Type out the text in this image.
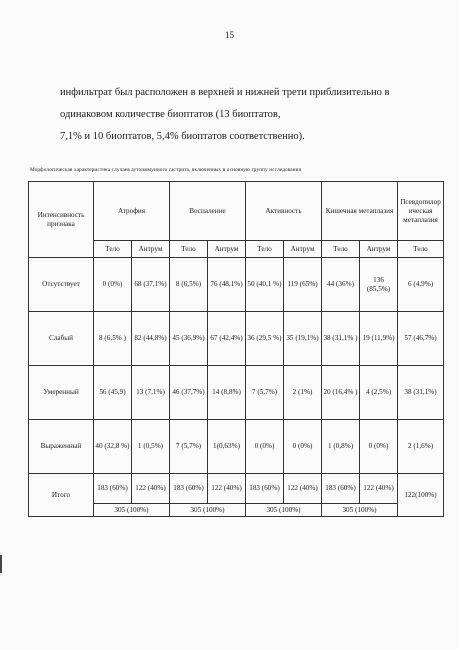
15
инфильтрат был расположен в верхней и нижней трети приблизительно в
одинаковом количестве биоптатов (13 биоптатов,
7,1% и 10 биоптатов, 5,4% биоптатов соответственно).
Морфологическая характеристика случаев аутоиммунного гастрита, включенных в основную группу исследования
Интенсивность признака	Атрофия		Воспаление		Активность		Кишечная метаплазия		Псевдопилорическая метаплазия
	Тело	Антрум	Тело	Антрум	Тело	Антрум	Тело	Антрум	Тело
Отсутствует	0 (0%)	68 (37,1%)	8 (6,5%)	76 (48,1%)	50 (40,1 %)	119 (65%)	44 (36%)	136 (85,5%)	6 (4,9%)
Слабый	8 (6,5% )	82 (44,8%)	45 (36,9%)	67 (42,4%)	36 (29,5 %)	35 (19,1%)	38 (31,1% )	19 (11,9%)	57 (46,7%)
Умеренный	56 (45,9)	13 (7,1%)	46 (37,7%)	14 (8,8%)	7 (5,7%)	2 (1%)	20 (16,4% )	4 (2,5%)	38 (31,1%)
Выраженный	40 (32,8 %)	1 (0,5%)	7 (5,7%)	1(0,63%)	0 (0%)	0 (0%)	1 (0,8%)	0 (0%)	2 (1,6%)
Итого	183 (60%)	122 (40%)	183 (60%)	122 (40%)	183 (60%)	122 (40%)	183 (60%)	122 (40%)	122(100%)
	305 (100%)		305 (100%)		305 (100%)		305 (100%)		
